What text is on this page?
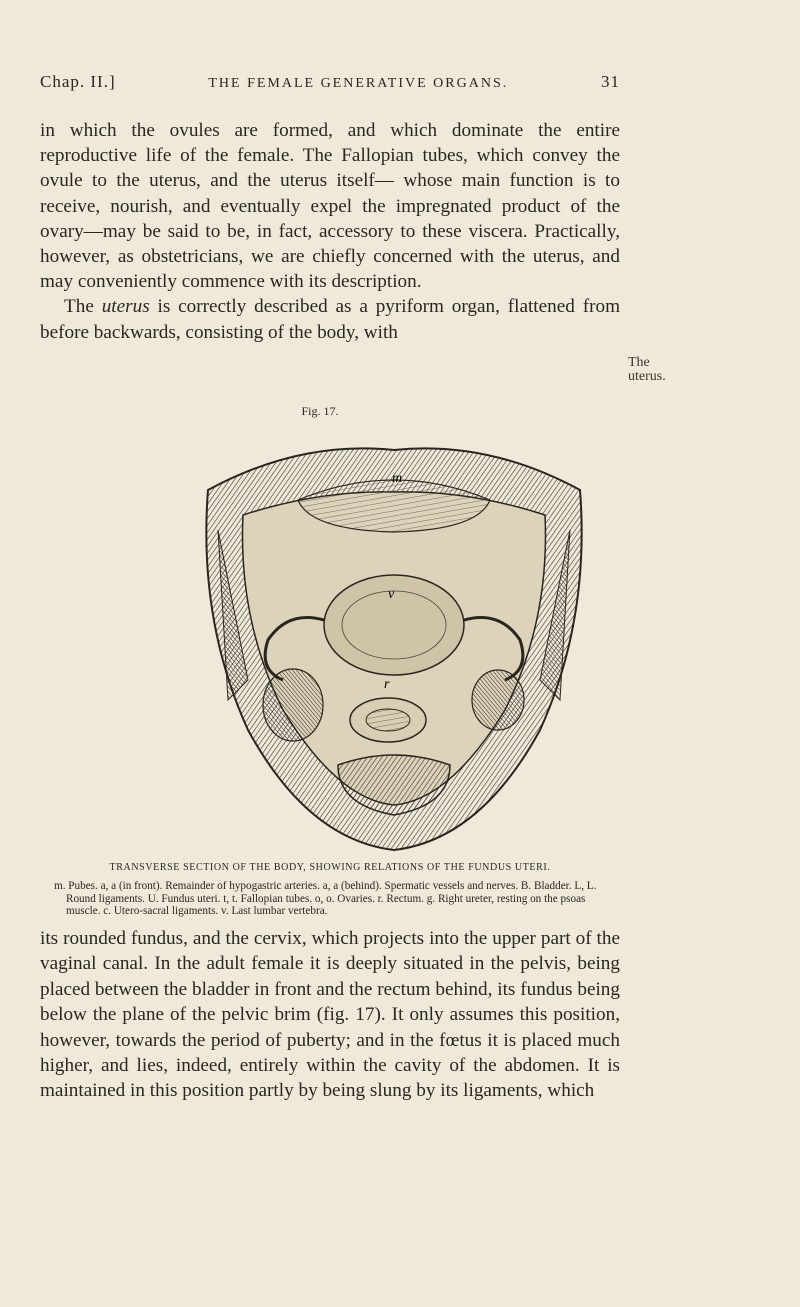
Chap. II.]	THE FEMALE GENERATIVE ORGANS.	31

in which the ovules are formed, and which dominate the entire reproductive life of the female. The Fallopian tubes, which convey the ovule to the uterus, and the uterus itself— whose main function is to receive, nourish, and eventually expel the impregnated product of the ovary—may be said to be, in fact, accessory to these viscera. Practically, however, as obstetricians, we are chiefly concerned with the uterus, and may conveniently commence with its description.
The uterus is correctly described as a pyriform organ, flattened from before backwards, consisting of the body, with

The uterus.
Fig. 17.
m
v
r
TRANSVERSE SECTION OF THE BODY, SHOWING RELATIONS OF THE FUNDUS UTERI.

m. Pubes. a, a (in front). Remainder of hypogastric arteries. a, a (behind). Spermatic vessels and nerves. B. Bladder. L, L. Round ligaments. U. Fundus uteri. t, t. Fallopian tubes. o, o. Ovaries. r. Rectum. g. Right ureter, resting on the psoas muscle. c. Utero-sacral ligaments. v. Last lumbar vertebra.

its rounded fundus, and the cervix, which projects into the upper part of the vaginal canal. In the adult female it is deeply situated in the pelvis, being placed between the bladder in front and the rectum behind, its fundus being below the plane of the pelvic brim (fig. 17). It only assumes this position, however, towards the period of puberty; and in the fœtus it is placed much higher, and lies, indeed, entirely within the cavity of the abdomen. It is maintained in this position partly by being slung by its ligaments, which
